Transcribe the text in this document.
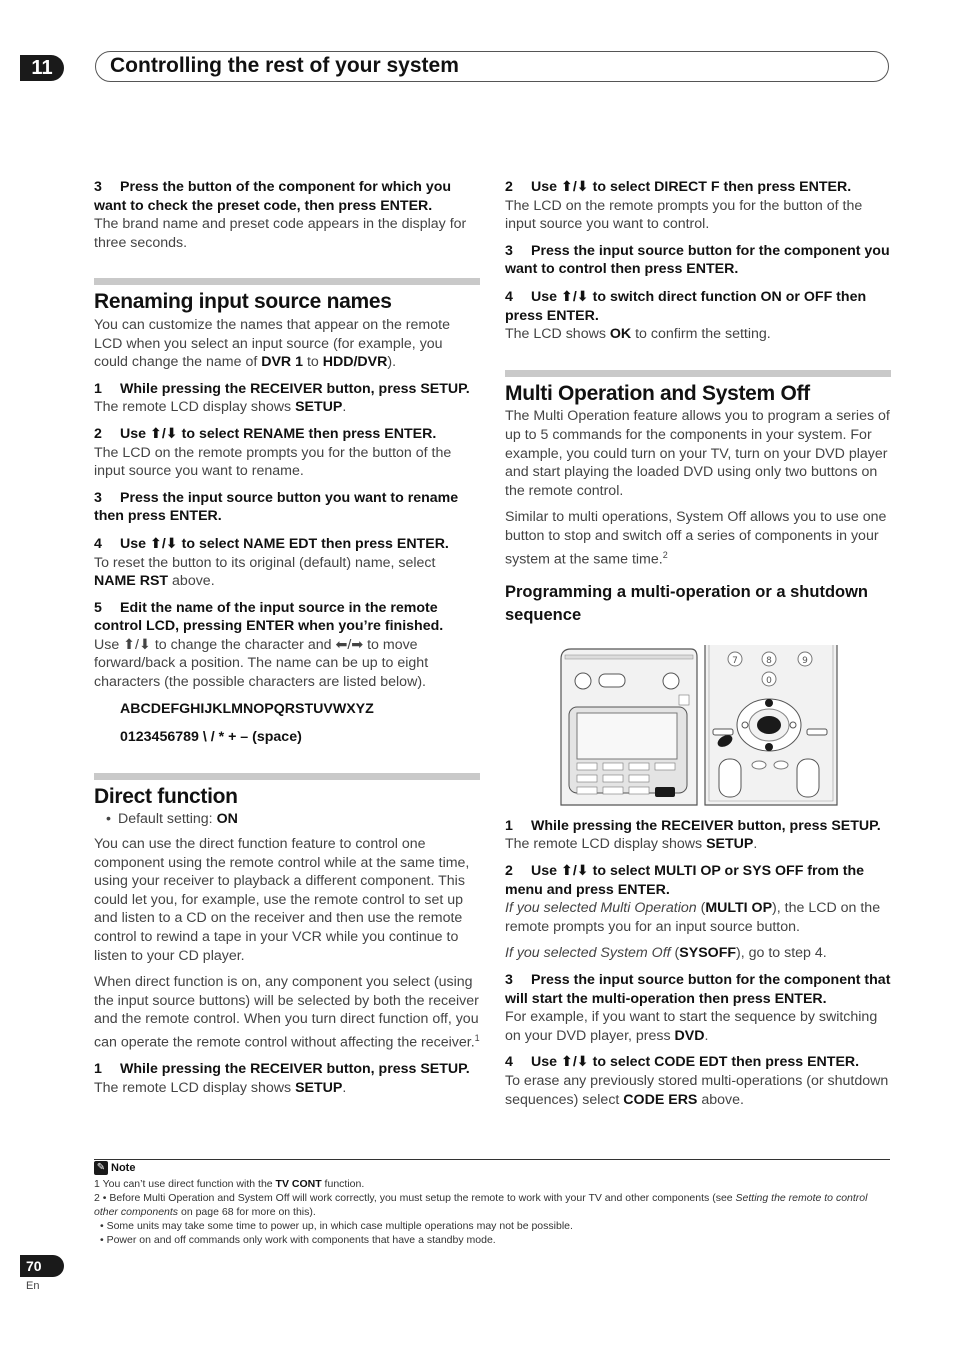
11	Controlling the rest of your system

3 Press the button of the component for which you want to check the preset code, then press ENTER.

The brand name and preset code appears in the display for three seconds.

Renaming input source names

You can customize the names that appear on the remote LCD when you select an input source (for example, you could change the name of DVR 1 to HDD/DVR).

1 While pressing the RECEIVER button, press SETUP.

The remote LCD display shows SETUP.

2 Use ⬆/⬇ to select RENAME then press ENTER.

The LCD on the remote prompts you for the button of the input source you want to rename.

3 Press the input source button you want to rename then press ENTER.

4 Use ⬆/⬇ to select NAME EDT then press ENTER.

To reset the button to its original (default) name, select NAME RST above.

5 Edit the name of the input source in the remote control LCD, pressing ENTER when you’re finished.

Use ⬆/⬇ to change the character and ⬅/➡ to move forward/back a position. The name can be up to eight characters (the possible characters are listed below).

ABCDEFGHIJKLMNOPQRSTUVWXYZ

0123456789 \ / * + – (space)

Direct function

• Default setting: ON

You can use the direct function feature to control one component using the remote control while at the same time, using your receiver to playback a different component. This could let you, for example, use the remote control to set up and listen to a CD on the receiver and then use the remote control to rewind a tape in your VCR while you continue to listen to your CD player.

When direct function is on, any component you select (using the input source buttons) will be selected by both the receiver and the remote control. When you turn direct function off, you can operate the remote control without affecting the receiver.$^1$

1 While pressing the RECEIVER button, press SETUP.

The remote LCD display shows SETUP.

2 Use ⬆/⬇ to select DIRECT F then press ENTER.

The LCD on the remote prompts you for the button of the input source you want to control.

3 Press the input source button for the component you want to control then press ENTER.

4 Use ⬆/⬇ to switch direct function ON or OFF then press ENTER.

The LCD shows OK to confirm the setting.

Multi Operation and System Off

The Multi Operation feature allows you to program a series of up to 5 commands for the components in your system. For example, you could turn on your TV, turn on your DVD player and start playing the loaded DVD using only two buttons on the remote control.

Similar to multi operations, System Off allows you to use one button to stop and switch off a series of components in your system at the same time.$^2$

Programming a multi-operation or a shutdown sequence
7	8	9
0

1 While pressing the RECEIVER button, press SETUP.

The remote LCD display shows SETUP.

2 Use ⬆/⬇ to select MULTI OP or SYS OFF from the menu and press ENTER.

If you selected Multi Operation (MULTI OP), the LCD on the remote prompts you for an input source button.

If you selected System Off (SYSOFF), go to step 4.

3 Press the input source button for the component that will start the multi-operation then press ENTER.

For example, if you want to start the sequence by switching on your DVD player, press DVD.

4 Use ⬆/⬇ to select CODE EDT then press ENTER.

To erase any previously stored multi-operations (or shutdown sequences) select CODE ERS above.

✎ Note

1 You can’t use direct function with the TV CONT function.

2 • Before Multi Operation and System Off will work correctly, you must setup the remote to work with your TV and other components (see Setting the remote to control other components on page 68 for more on this).

• Some units may take some time to power up, in which case multiple operations may not be possible.

• Power on and off commands only work with components that have a standby mode.

70
En
